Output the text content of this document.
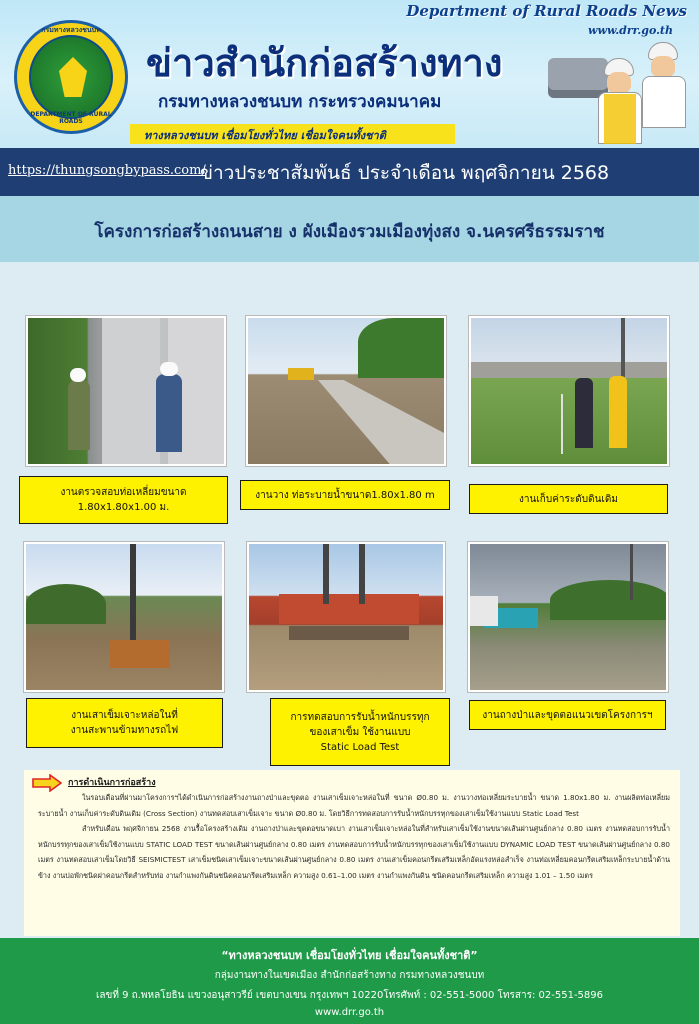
กรมทางหลวงชนบท
DEPARTMENT OF RURAL ROADS
Department of Rural Roads News
www.drr.go.th
ข่าวสำนักก่อสร้างทาง
กรมทางหลวงชนบท กระทรวงคมนาคม
ทางหลวงชนบท เชื่อมโยงทั่วไทย เชื่อมใจคนทั้งชาติ
https://thungsongbypass.com/
ข่าวประชาสัมพันธ์ ประจำเดือน พฤศจิกายน 2568
โครงการก่อสร้างถนนสาย ง ผังเมืองรวมเมืองทุ่งสง จ.นครศรีธรรมราช
งานตรวจสอบท่อเหลี่ยมขนาด
1.80x1.80x1.00 ม.
งานวาง ท่อระบายน้ำขนาด1.80x1.80 m	งานเก็บค่าระดับดินเดิม
งานเสาเข็มเจาะหล่อในที่
งานสะพานข้ามทางรถไฟ
การทดสอบการรับน้ำหนักบรรทุก
ของเสาเข็ม ใช้งานแบบ
Static Load Test
งานถางป่าและขุดตอแนวเขตโครงการฯ
การดำเนินการก่อสร้าง

ในรอบเดือนที่ผ่านมาโครงการฯได้ดำเนินการก่อสร้างงานถางป่าและขุดตอ งานเสาเข็มเจาะหล่อในที่ ขนาด Ø0.80 ม. งานวางท่อเหลี่ยมระบายน้ำ ขนาด 1.80x1.80 ม. งานผลิตท่อเหลี่ยมระบายน้ำ งานเก็บค่าระดับดินเดิม (Cross Section) งานทดสอบเสาเข็มเจาะ ขนาด Ø0.80 ม. โดยวิธีการทดสอบการรับน้ำหนักบรรทุกของเสาเข็มใช้งานแบบ Static Load Test

สำหรับเดือน พฤศจิกายน 2568 งานรื้อโครงสร้างเดิม งานถางป่าและขุดตอขนาดเบา งานเสาเข็มเจาะหล่อในที่สำหรับเสาเข็มใช้งานขนาดเส้นผ่านศูนย์กลาง 0.80 เมตร งานทดสอบการรับน้ำหนักบรรทุกของเสาเข็มใช้งานแบบ STATIC LOAD TEST ขนาดเส้นผ่านศูนย์กลาง 0.80 เมตร งานทดสอบการรับน้ำหนักบรรทุกของเสาเข็มใช้งานแบบ DYNAMIC LOAD TEST ขนาดเส้นผ่านศูนย์กลาง 0.80 เมตร งานทดสอบเสาเข็มโดยวิธี SEISMICTEST เสาเข็มชนิดเสาเข็มเจาะขนาดเส้นผ่านศูนย์กลาง 0.80 เมตร งานเสาเข็มคอนกรีตเสริมเหล็กอัดแรงหล่อสำเร็จ งานท่อเหลี่ยมคอนกรีตเสริมเหล็กระบายน้ำด้านข้าง งานบ่อพักชนิดฝาคอนกรีตสำหรับท่อ งานกำแพงกันดินชนิดคอนกรีตเสริมเหล็ก ความสูง 0.61–1.00 เมตร งานกำแพงกันดิน ชนิดคอนกรีตเสริมเหล็ก ความสูง 1.01 – 1.50 เมตร

“ทางหลวงชนบท เชื่อมโยงทั่วไทย เชื่อมใจคนทั้งชาติ”
กลุ่มงานทางในเขตเมือง สำนักก่อสร้างทาง กรมทางหลวงชนบท
เลขที่ 9 ถ.พหลโยธิน แขวงอนุสาวรีย์ เขตบางเขน กรุงเทพฯ 10220โทรศัพท์ : 02-551-5000 โทรสาร: 02-551-5896
www.drr.go.th
